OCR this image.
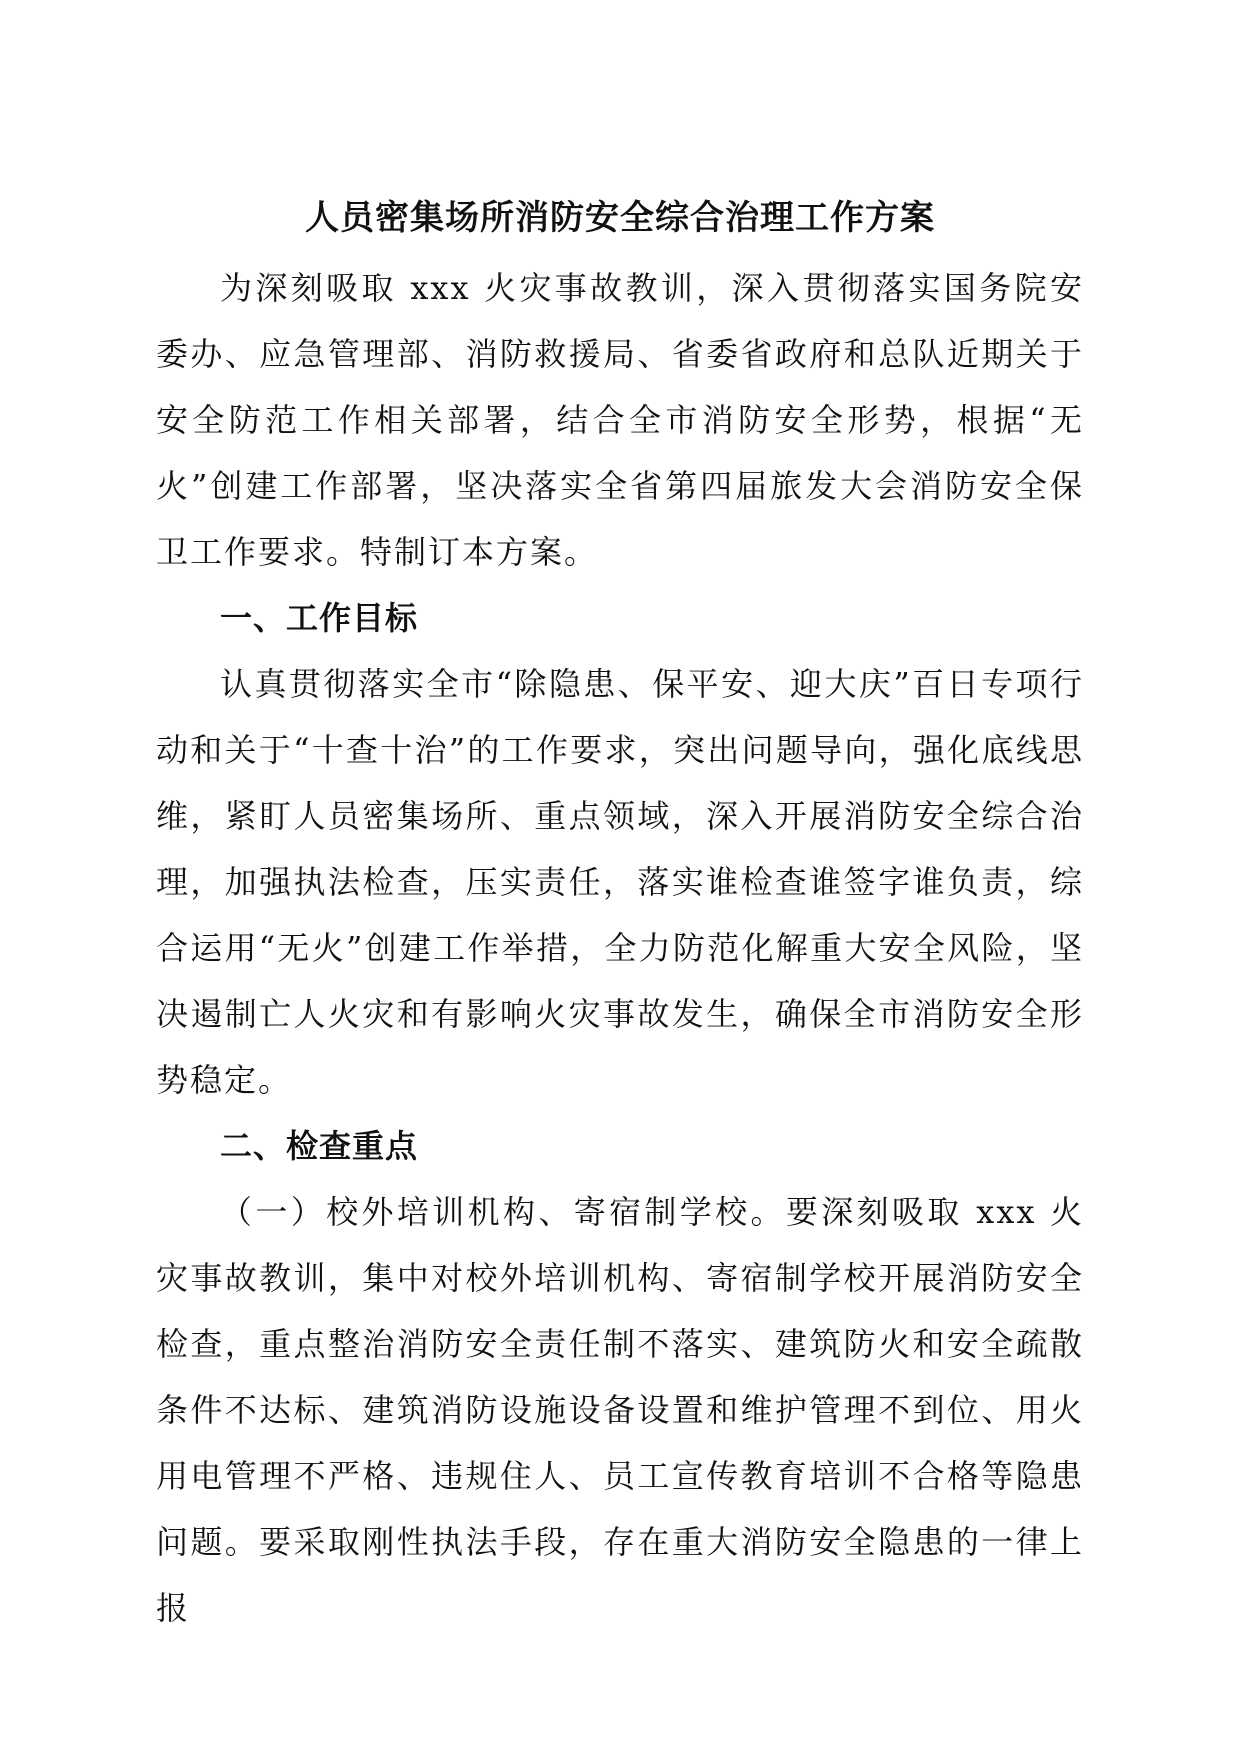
人员密集场所消防安全综合治理工作方案

为深刻吸取 xxx 火灾事故教训，深入贯彻落实国务院安委办、应急管理部、消防救援局、省委省政府和总队近期关于安全防范工作相关部署，结合全市消防安全形势，根据“无火”创建工作部署，坚决落实全省第四届旅发大会消防安全保卫工作要求。特制订本方案。

一、工作目标

认真贯彻落实全市“除隐患、保平安、迎大庆”百日专项行动和关于“十查十治”的工作要求，突出问题导向，强化底线思维，紧盯人员密集场所、重点领域，深入开展消防安全综合治理，加强执法检查，压实责任，落实谁检查谁签字谁负责，综合运用“无火”创建工作举措，全力防范化解重大安全风险，坚决遏制亡人火灾和有影响火灾事故发生，确保全市消防安全形势稳定。

二、检查重点

（一）校外培训机构、寄宿制学校。要深刻吸取 xxx 火灾事故教训，集中对校外培训机构、寄宿制学校开展消防安全检查，重点整治消防安全责任制不落实、建筑防火和安全疏散条件不达标、建筑消防设施设备设置和维护管理不到位、用火用电管理不严格、违规住人、员工宣传教育培训不合格等隐患问题。要采取刚性执法手段，存在重大消防安全隐患的一律上报
